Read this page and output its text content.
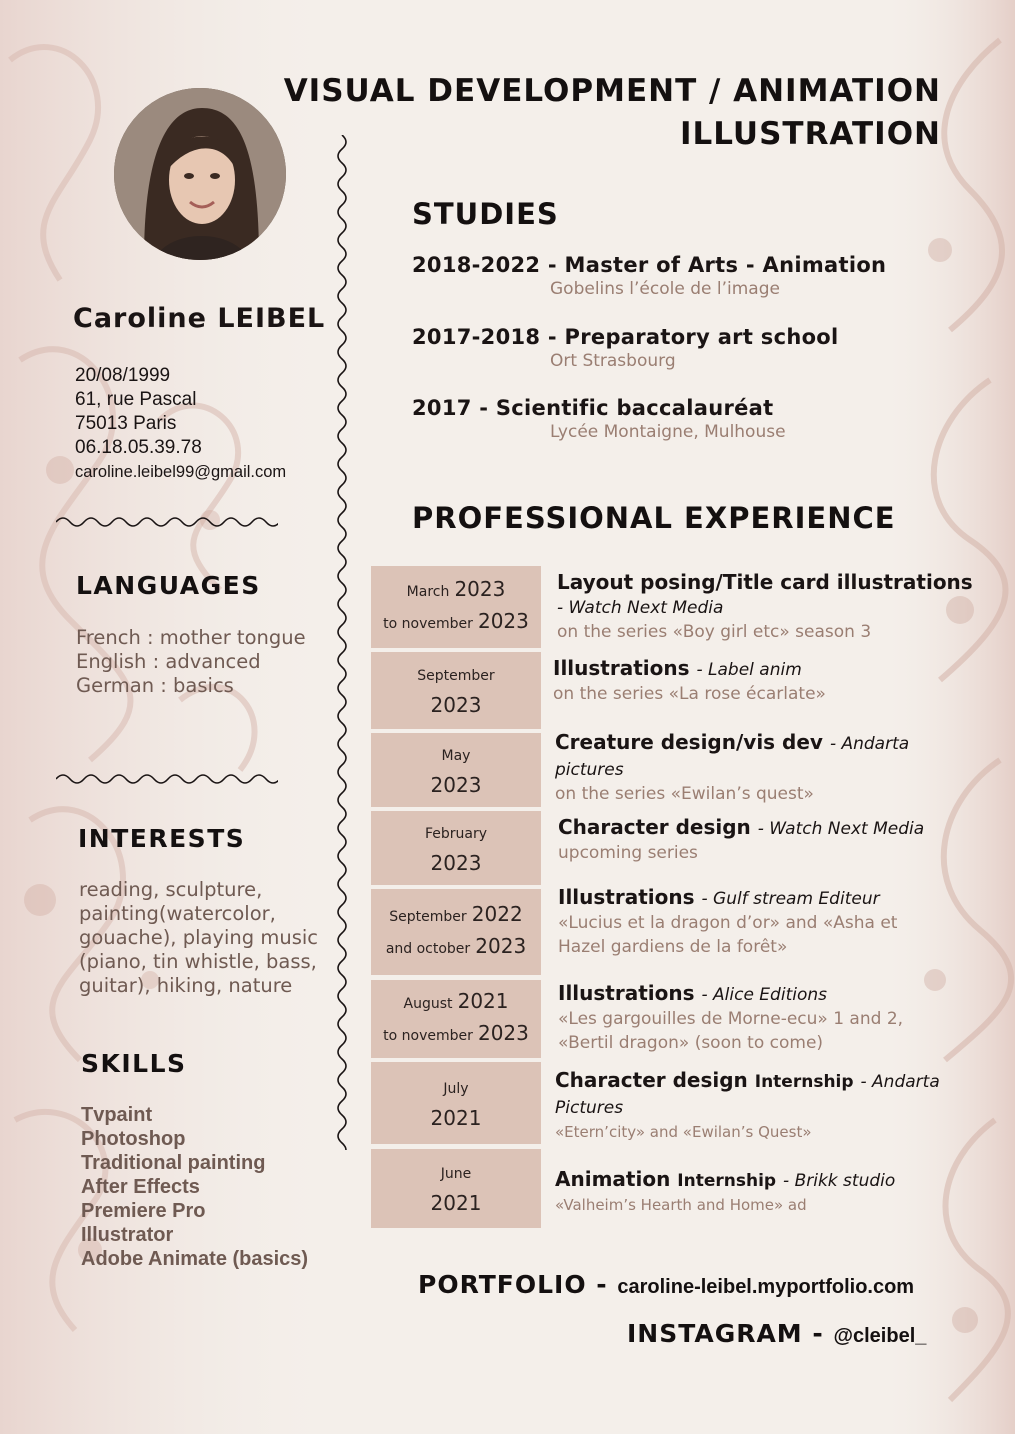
VISUAL DEVELOPMENT / ANIMATION
ILLUSTRATION
Caroline LEIBEL
20/08/1999
61, rue Pascal
75013 Paris
06.18.05.39.78
caroline.leibel99@gmail.com
LANGUAGES
French : mother tongue
English : advanced
German : basics
INTERESTS
reading, sculpture,
painting(watercolor,
gouache), playing music
(piano, tin whistle, bass,
guitar), hiking, nature
SKILLS
Tvpaint
Photoshop
Traditional painting
After Effects
Premiere Pro
Illustrator
Adobe Animate (basics)
STUDIES
2018-2022 - Master of Arts - Animation
Gobelins l’école de l’image
2017-2018 - Preparatory art school
Ort Strasbourg
2017 - Scientific baccalauréat
Lycée Montaigne, Mulhouse
PROFESSIONAL EXPERIENCE
March 2023
to november 2023
Layout posing/Title card illustrations
- Watch Next Media
on the series «Boy girl etc» season 3
September
2023
Illustrations - Label anim
on the series «La rose écarlate»
May
2023
Creature design/vis dev - Andarta pictures
on the series «Ewilan’s quest»
February
2023
Character design - Watch Next Media
upcoming series
September 2022
and october 2023
Illustrations - Gulf stream Editeur
«Lucius et la dragon d’or» and «Asha et
Hazel gardiens de la forêt»
August 2021
to november 2023
Illustrations - Alice Editions
«Les gargouilles de Morne-ecu» 1 and 2,
«Bertil dragon» (soon to come)
July
2021
Character design Internship - Andarta Pictures
«Etern’city» and «Ewilan’s Quest»
June
2021
Animation Internship - Brikk studio
«Valheim’s Hearth and Home» ad
PORTFOLIO - caroline-leibel.myportfolio.com
INSTAGRAM - @cleibel_
